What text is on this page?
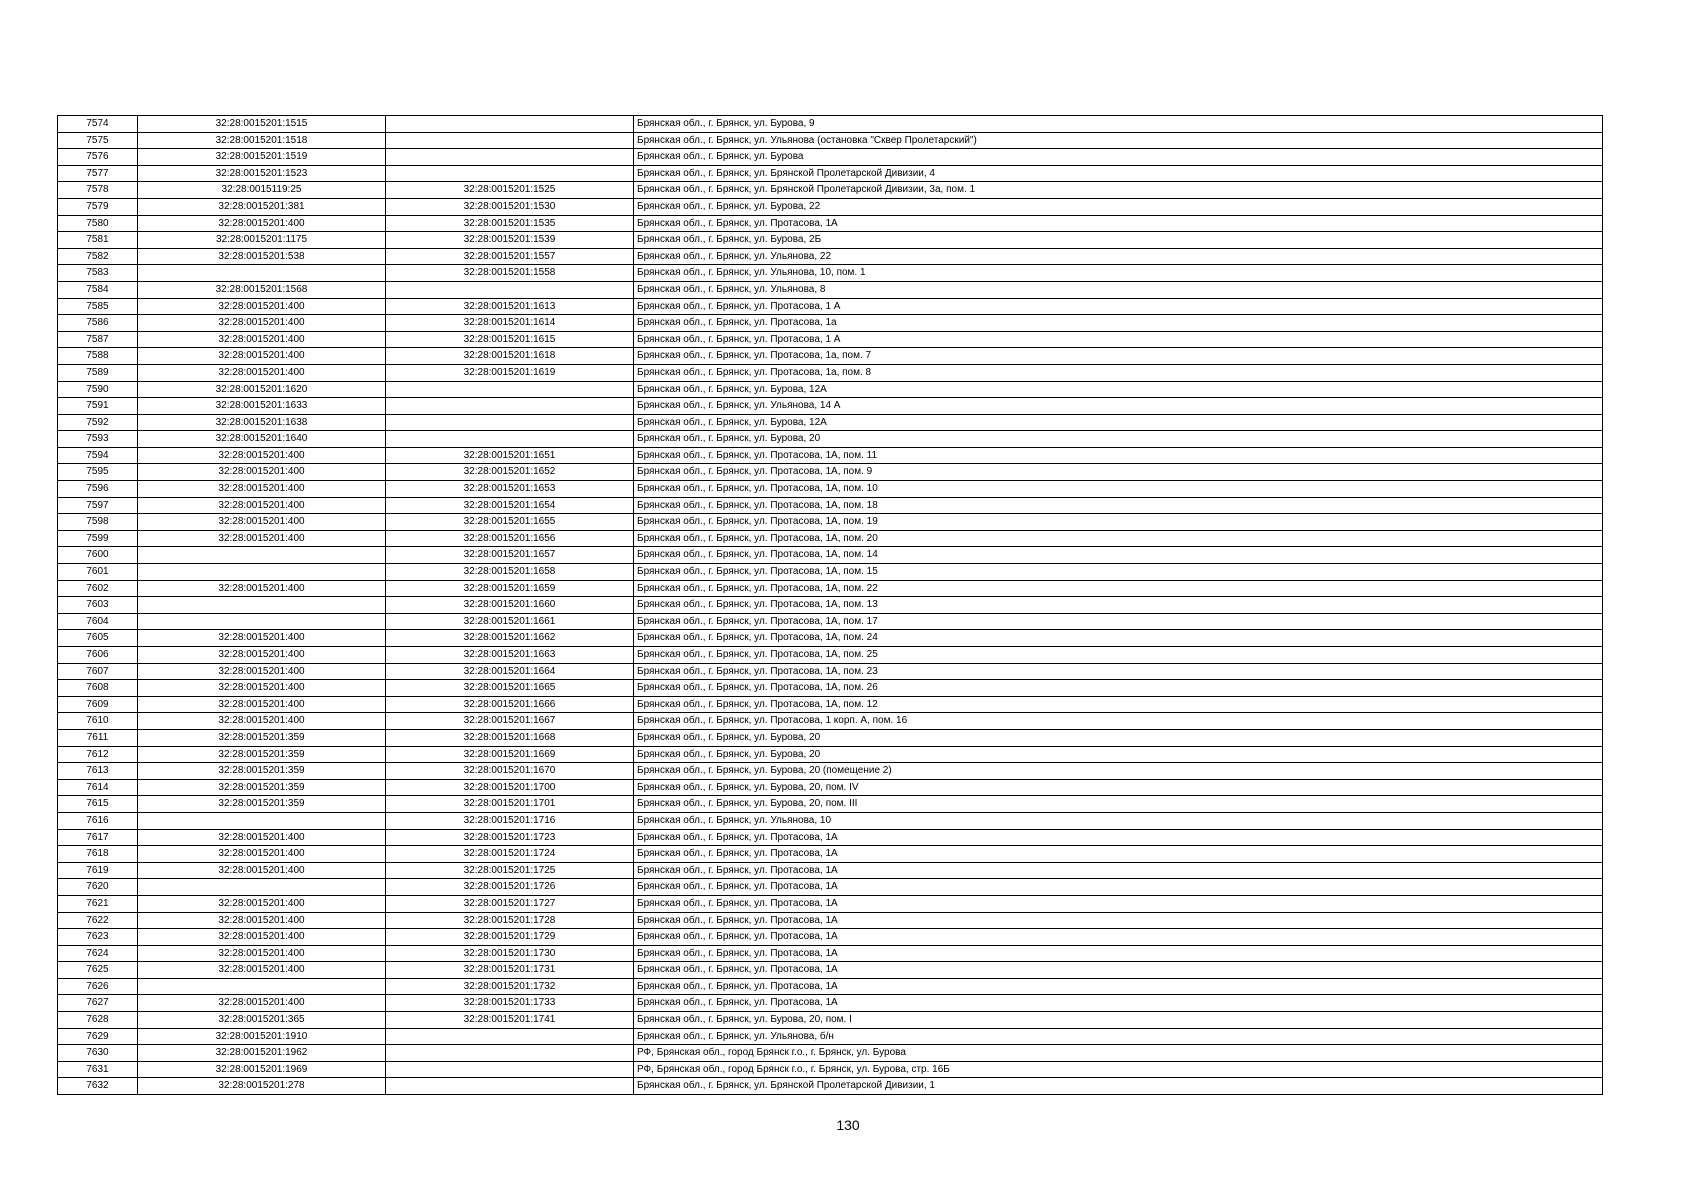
7574	32:28:0015201:1515		Брянская обл., г. Брянск, ул. Бурова, 9
7575	32:28:0015201:1518		Брянская обл., г. Брянск, ул. Ульянова (остановка "Сквер Пролетарский")
7576	32:28:0015201:1519		Брянская обл., г. Брянск, ул. Бурова
7577	32:28:0015201:1523		Брянская обл., г. Брянск, ул. Брянской Пролетарской Дивизии, 4
7578	32:28:0015119:25	32:28:0015201:1525	Брянская обл., г. Брянск, ул. Брянской Пролетарской Дивизии, 3а, пом. 1
7579	32:28:0015201:381	32:28:0015201:1530	Брянская обл., г. Брянск, ул. Бурова, 22
7580	32:28:0015201:400	32:28:0015201:1535	Брянская обл., г. Брянск, ул. Протасова, 1А
7581	32:28:0015201:1175	32:28:0015201:1539	Брянская обл., г. Брянск, ул. Бурова, 2Б
7582	32:28:0015201:538	32:28:0015201:1557	Брянская обл., г. Брянск, ул. Ульянова, 22
7583		32:28:0015201:1558	Брянская обл., г. Брянск, ул. Ульянова, 10, пом. 1
7584	32:28:0015201:1568		Брянская обл., г. Брянск, ул. Ульянова, 8
7585	32:28:0015201:400	32:28:0015201:1613	Брянская обл., г. Брянск, ул. Протасова, 1 А
7586	32:28:0015201:400	32:28:0015201:1614	Брянская обл., г. Брянск, ул. Протасова, 1а
7587	32:28:0015201:400	32:28:0015201:1615	Брянская обл., г. Брянск, ул. Протасова, 1 А
7588	32:28:0015201:400	32:28:0015201:1618	Брянская обл., г. Брянск, ул. Протасова, 1а, пом. 7
7589	32:28:0015201:400	32:28:0015201:1619	Брянская обл., г. Брянск, ул. Протасова, 1а, пом. 8
7590	32:28:0015201:1620		Брянская обл., г. Брянск, ул. Бурова, 12А
7591	32:28:0015201:1633		Брянская обл., г. Брянск, ул. Ульянова, 14 А
7592	32:28:0015201:1638		Брянская обл., г. Брянск, ул. Бурова, 12А
7593	32:28:0015201:1640		Брянская обл., г. Брянск, ул. Бурова, 20
7594	32:28:0015201:400	32:28:0015201:1651	Брянская обл., г. Брянск, ул. Протасова, 1А, пом. 11
7595	32:28:0015201:400	32:28:0015201:1652	Брянская обл., г. Брянск, ул. Протасова, 1А, пом. 9
7596	32:28:0015201:400	32:28:0015201:1653	Брянская обл., г. Брянск, ул. Протасова, 1А, пом. 10
7597	32:28:0015201:400	32:28:0015201:1654	Брянская обл., г. Брянск, ул. Протасова, 1А, пом. 18
7598	32:28:0015201:400	32:28:0015201:1655	Брянская обл., г. Брянск, ул. Протасова, 1А, пом. 19
7599	32:28:0015201:400	32:28:0015201:1656	Брянская обл., г. Брянск, ул. Протасова, 1А, пом. 20
7600		32:28:0015201:1657	Брянская обл., г. Брянск, ул. Протасова, 1А, пом. 14
7601		32:28:0015201:1658	Брянская обл., г. Брянск, ул. Протасова, 1А, пом. 15
7602	32:28:0015201:400	32:28:0015201:1659	Брянская обл., г. Брянск, ул. Протасова, 1А, пом. 22
7603		32:28:0015201:1660	Брянская обл., г. Брянск, ул. Протасова, 1А, пом. 13
7604		32:28:0015201:1661	Брянская обл., г. Брянск, ул. Протасова, 1А, пом. 17
7605	32:28:0015201:400	32:28:0015201:1662	Брянская обл., г. Брянск, ул. Протасова, 1А, пом. 24
7606	32:28:0015201:400	32:28:0015201:1663	Брянская обл., г. Брянск, ул. Протасова, 1А, пом. 25
7607	32:28:0015201:400	32:28:0015201:1664	Брянская обл., г. Брянск, ул. Протасова, 1А, пом. 23
7608	32:28:0015201:400	32:28:0015201:1665	Брянская обл., г. Брянск, ул. Протасова, 1А, пом. 26
7609	32:28:0015201:400	32:28:0015201:1666	Брянская обл., г. Брянск, ул. Протасова, 1А, пом. 12
7610	32:28:0015201:400	32:28:0015201:1667	Брянская обл., г. Брянск, ул. Протасова, 1 корп. А, пом. 16
7611	32:28:0015201:359	32:28:0015201:1668	Брянская обл., г. Брянск, ул. Бурова, 20
7612	32:28:0015201:359	32:28:0015201:1669	Брянская обл., г. Брянск, ул. Бурова, 20
7613	32:28:0015201:359	32:28:0015201:1670	Брянская обл., г. Брянск, ул. Бурова, 20 (помещение 2)
7614	32:28:0015201:359	32:28:0015201:1700	Брянская обл., г. Брянск, ул. Бурова, 20, пом. IV
7615	32:28:0015201:359	32:28:0015201:1701	Брянская обл., г. Брянск, ул. Бурова, 20, пом. III
7616		32:28:0015201:1716	Брянская обл., г. Брянск, ул. Ульянова, 10
7617	32:28:0015201:400	32:28:0015201:1723	Брянская обл., г. Брянск, ул. Протасова, 1А
7618	32:28:0015201:400	32:28:0015201:1724	Брянская обл., г. Брянск, ул. Протасова, 1А
7619	32:28:0015201:400	32:28:0015201:1725	Брянская обл., г. Брянск, ул. Протасова, 1А
7620		32:28:0015201:1726	Брянская обл., г. Брянск, ул. Протасова, 1А
7621	32:28:0015201:400	32:28:0015201:1727	Брянская обл., г. Брянск, ул. Протасова, 1А
7622	32:28:0015201:400	32:28:0015201:1728	Брянская обл., г. Брянск, ул. Протасова, 1А
7623	32:28:0015201:400	32:28:0015201:1729	Брянская обл., г. Брянск, ул. Протасова, 1А
7624	32:28:0015201:400	32:28:0015201:1730	Брянская обл., г. Брянск, ул. Протасова, 1А
7625	32:28:0015201:400	32:28:0015201:1731	Брянская обл., г. Брянск, ул. Протасова, 1А
7626		32:28:0015201:1732	Брянская обл., г. Брянск, ул. Протасова, 1А
7627	32:28:0015201:400	32:28:0015201:1733	Брянская обл., г. Брянск, ул. Протасова, 1А
7628	32:28:0015201:365	32:28:0015201:1741	Брянская обл., г. Брянск, ул. Бурова, 20, пом. I
7629	32:28:0015201:1910		Брянская обл., г. Брянск, ул. Ульянова, б/н
7630	32:28:0015201:1962		РФ, Брянская обл., город Брянск г.о., г. Брянск, ул. Бурова
7631	32:28:0015201:1969		РФ, Брянская обл., город Брянск г.о., г. Брянск, ул. Бурова, стр. 16Б
7632	32:28:0015201:278		Брянская обл., г. Брянск, ул. Брянской Пролетарской Дивизии, 1
130
